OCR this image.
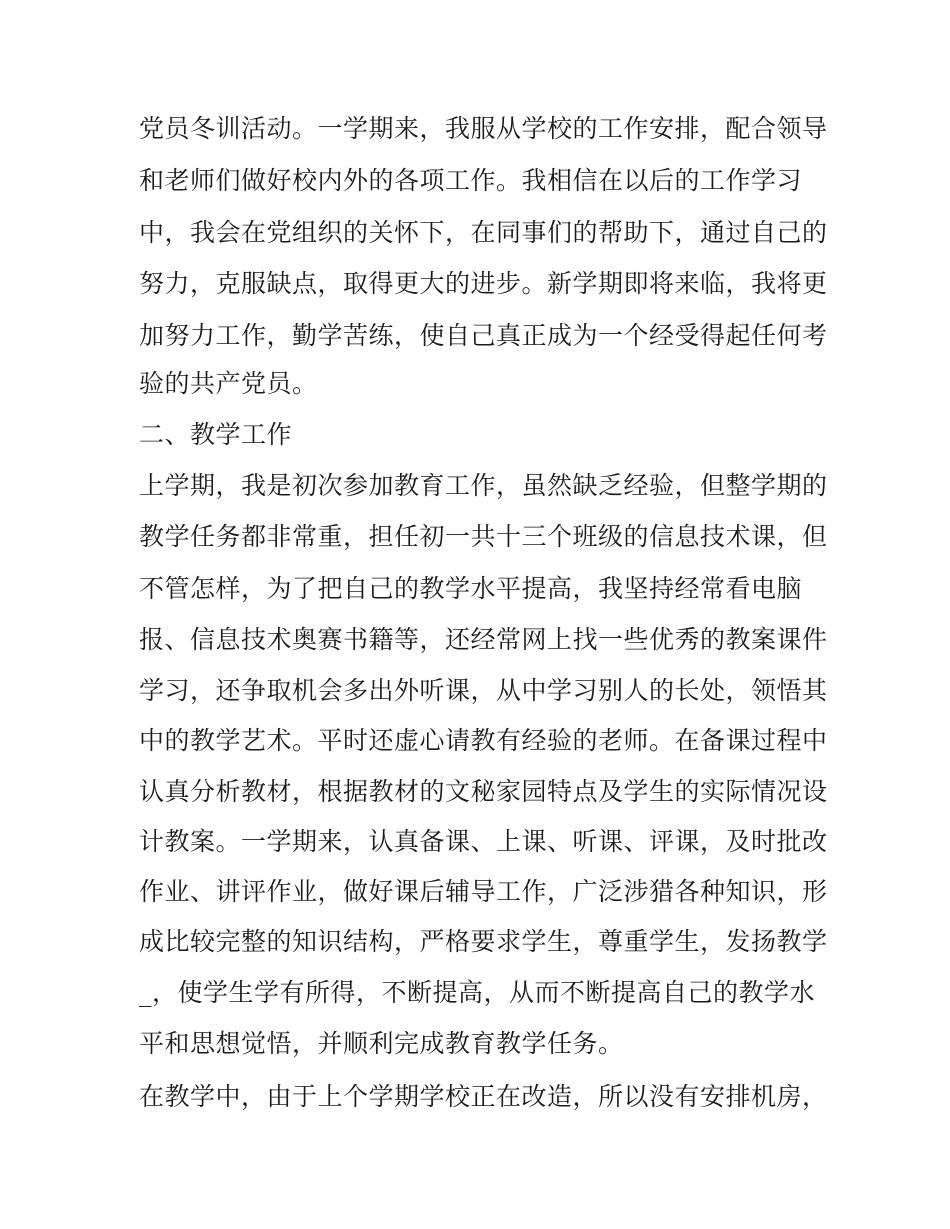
党员冬训活动。一学期来，我服从学校的工作安排，配合领导
和老师们做好校内外的各项工作。我相信在以后的工作学习
中，我会在党组织的关怀下，在同事们的帮助下，通过自己的
努力，克服缺点，取得更大的进步。新学期即将来临，我将更
加努力工作，勤学苦练，使自己真正成为一个经受得起任何考
验的共产党员。
二、教学工作
上学期，我是初次参加教育工作，虽然缺乏经验，但整学期的
教学任务都非常重，担任初一共十三个班级的信息技术课，但
不管怎样，为了把自己的教学水平提高，我坚持经常看电脑
报、信息技术奥赛书籍等，还经常网上找一些优秀的教案课件
学习，还争取机会多出外听课，从中学习别人的长处，领悟其
中的教学艺术。平时还虚心请教有经验的老师。在备课过程中
认真分析教材，根据教材的文秘家园特点及学生的实际情况设
计教案。一学期来，认真备课、上课、听课、评课，及时批改
作业、讲评作业，做好课后辅导工作，广泛涉猎各种知识，形
成比较完整的知识结构，严格要求学生，尊重学生，发扬教学
_，使学生学有所得，不断提高，从而不断提高自己的教学水
平和思想觉悟，并顺利完成教育教学任务。
在教学中，由于上个学期学校正在改造，所以没有安排机房，
